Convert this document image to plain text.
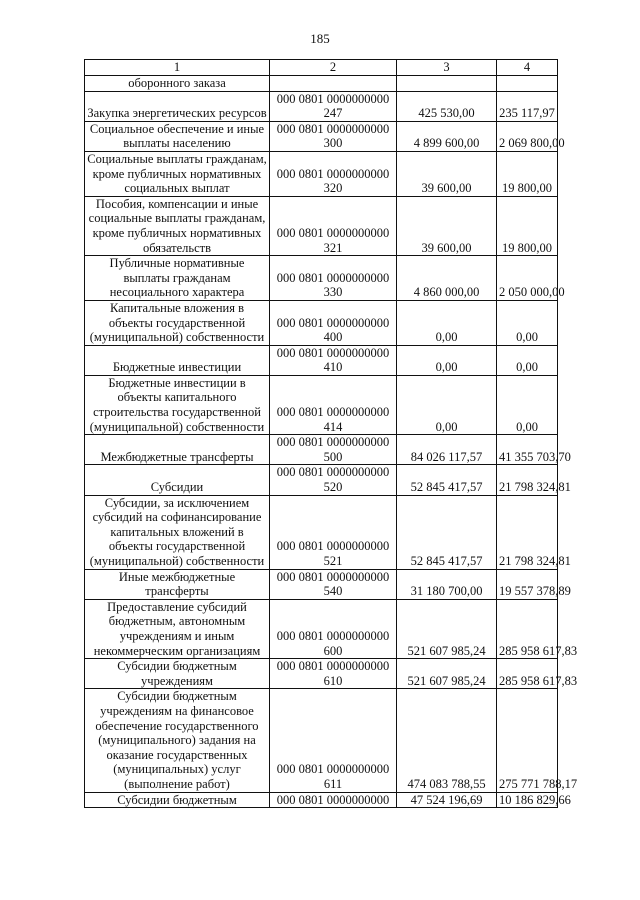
185
1	2	3	4
оборонного заказа			
Закупка энергетических ресурсов	000 0801 0000000000 247	425 530,00	235 117,97
Социальное обеспечение и иные выплаты населению	000 0801 0000000000 300	4 899 600,00	2 069 800,00
Социальные выплаты гражданам, кроме публичных нормативных социальных выплат	000 0801 0000000000 320	39 600,00	19 800,00
Пособия, компенсации и иные социальные выплаты гражданам, кроме публичных нормативных обязательств	000 0801 0000000000 321	39 600,00	19 800,00
Публичные нормативные выплаты гражданам несоциального характера	000 0801 0000000000 330	4 860 000,00	2 050 000,00
Капитальные вложения в объекты государственной (муниципальной) собственности	000 0801 0000000000 400	0,00	0,00
Бюджетные инвестиции	000 0801 0000000000 410	0,00	0,00
Бюджетные инвестиции в объекты капитального строительства государственной (муниципальной) собственности	000 0801 0000000000 414	0,00	0,00
Межбюджетные трансферты	000 0801 0000000000 500	84 026 117,57	41 355 703,70
Субсидии	000 0801 0000000000 520	52 845 417,57	21 798 324,81
Субсидии, за исключением субсидий на софинансирование капитальных вложений в объекты государственной (муниципальной) собственности	000 0801 0000000000 521	52 845 417,57	21 798 324,81
Иные межбюджетные трансферты	000 0801 0000000000 540	31 180 700,00	19 557 378,89
Предоставление субсидий бюджетным, автономным учреждениям и иным некоммерческим организациям	000 0801 0000000000 600	521 607 985,24	285 958 617,83
Субсидии бюджетным учреждениям	000 0801 0000000000 610	521 607 985,24	285 958 617,83
Субсидии бюджетным учреждениям на финансовое обеспечение государственного (муниципального) задания на оказание государственных (муниципальных) услуг (выполнение работ)	000 0801 0000000000 611	474 083 788,55	275 771 788,17
Субсидии бюджетным	000 0801 0000000000	47 524 196,69	10 186 829,66
